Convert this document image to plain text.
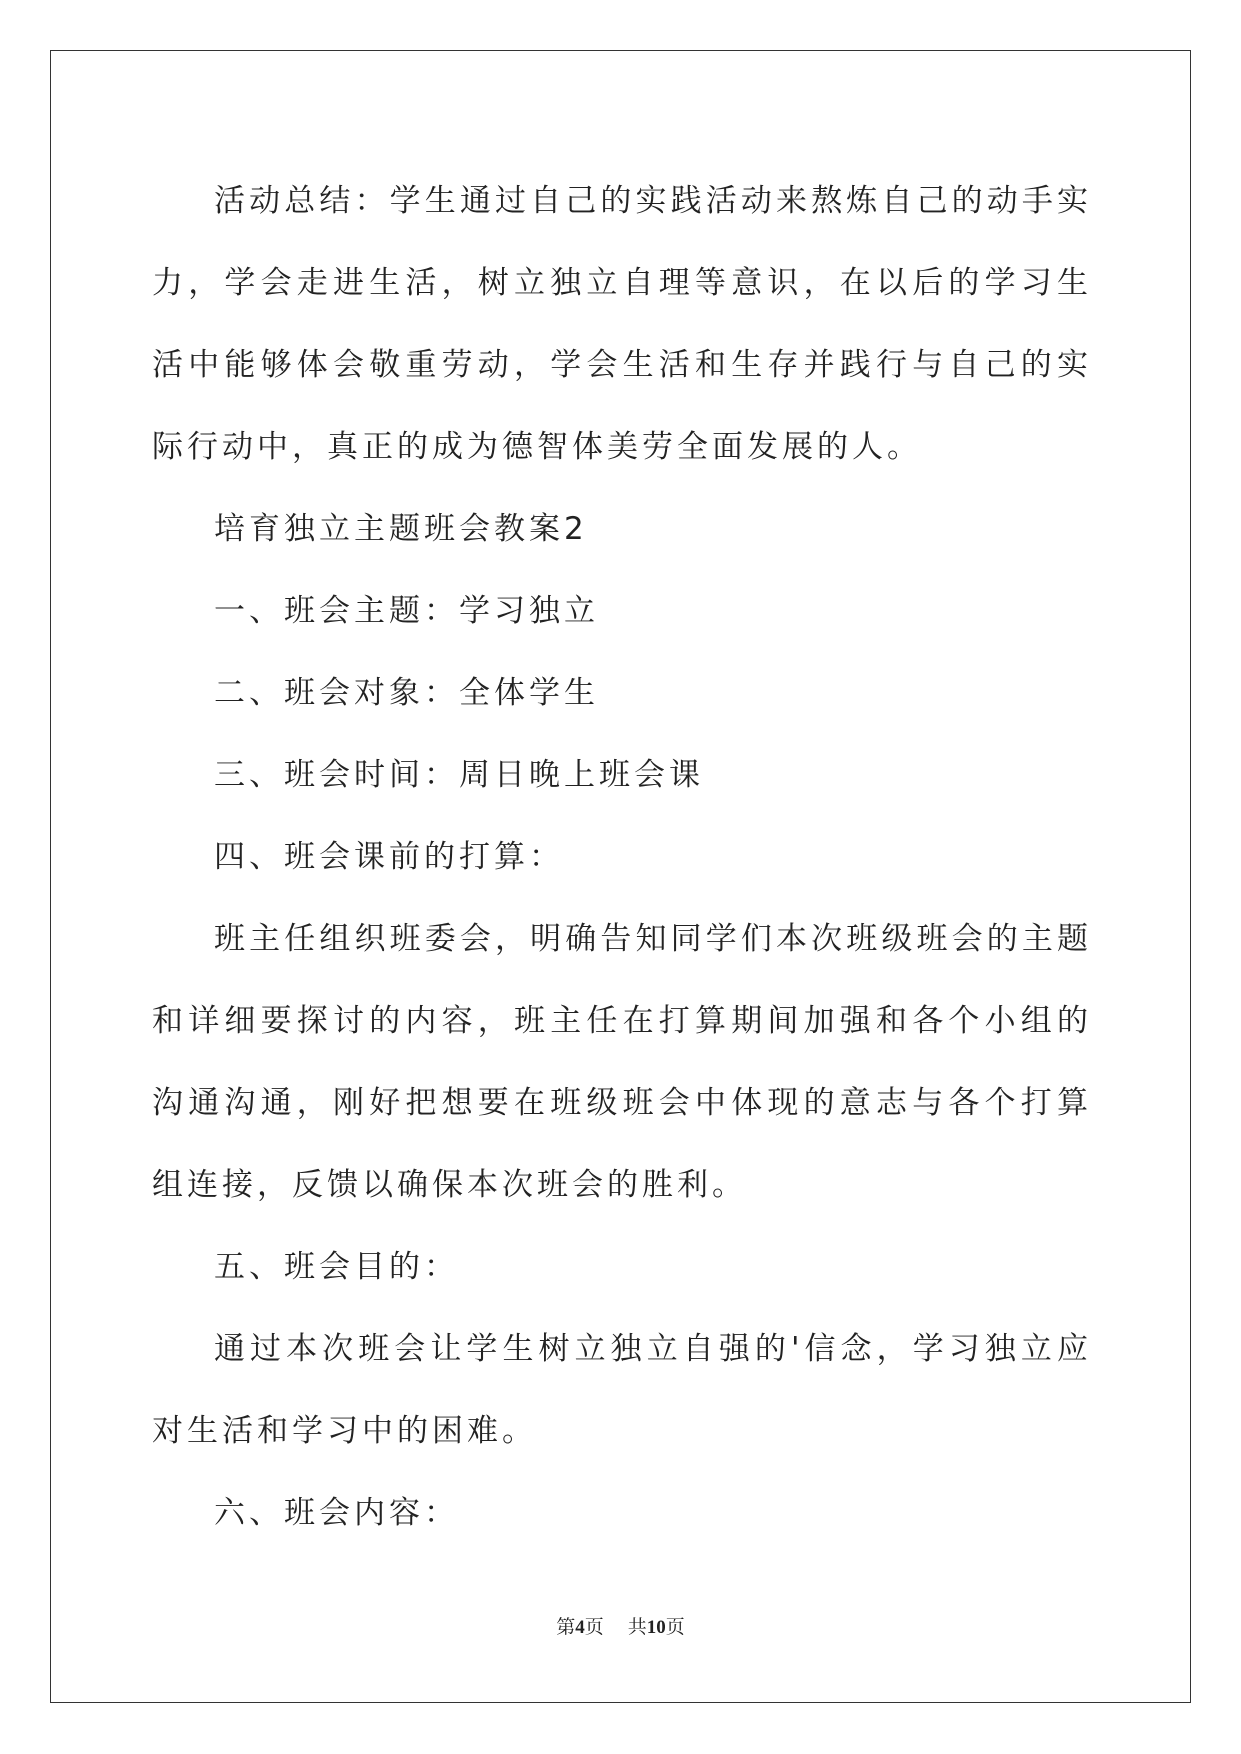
活动总结：学生通过自己的实践活动来熬炼自己的动手实力，学会走进生活，树立独立自理等意识，在以后的学习生活中能够体会敬重劳动，学会生活和生存并践行与自己的实际行动中，真正的成为德智体美劳全面发展的人。

培育独立主题班会教案2

一、班会主题：学习独立

二、班会对象：全体学生

三、班会时间：周日晚上班会课

四、班会课前的打算：

班主任组织班委会，明确告知同学们本次班级班会的主题和详细要探讨的内容，班主任在打算期间加强和各个小组的沟通沟通，刚好把想要在班级班会中体现的意志与各个打算组连接，反馈以确保本次班会的胜利。

五、班会目的：

通过本次班会让学生树立独立自强的'信念，学习独立应对生活和学习中的困难。

六、班会内容：

第4页 共10页
